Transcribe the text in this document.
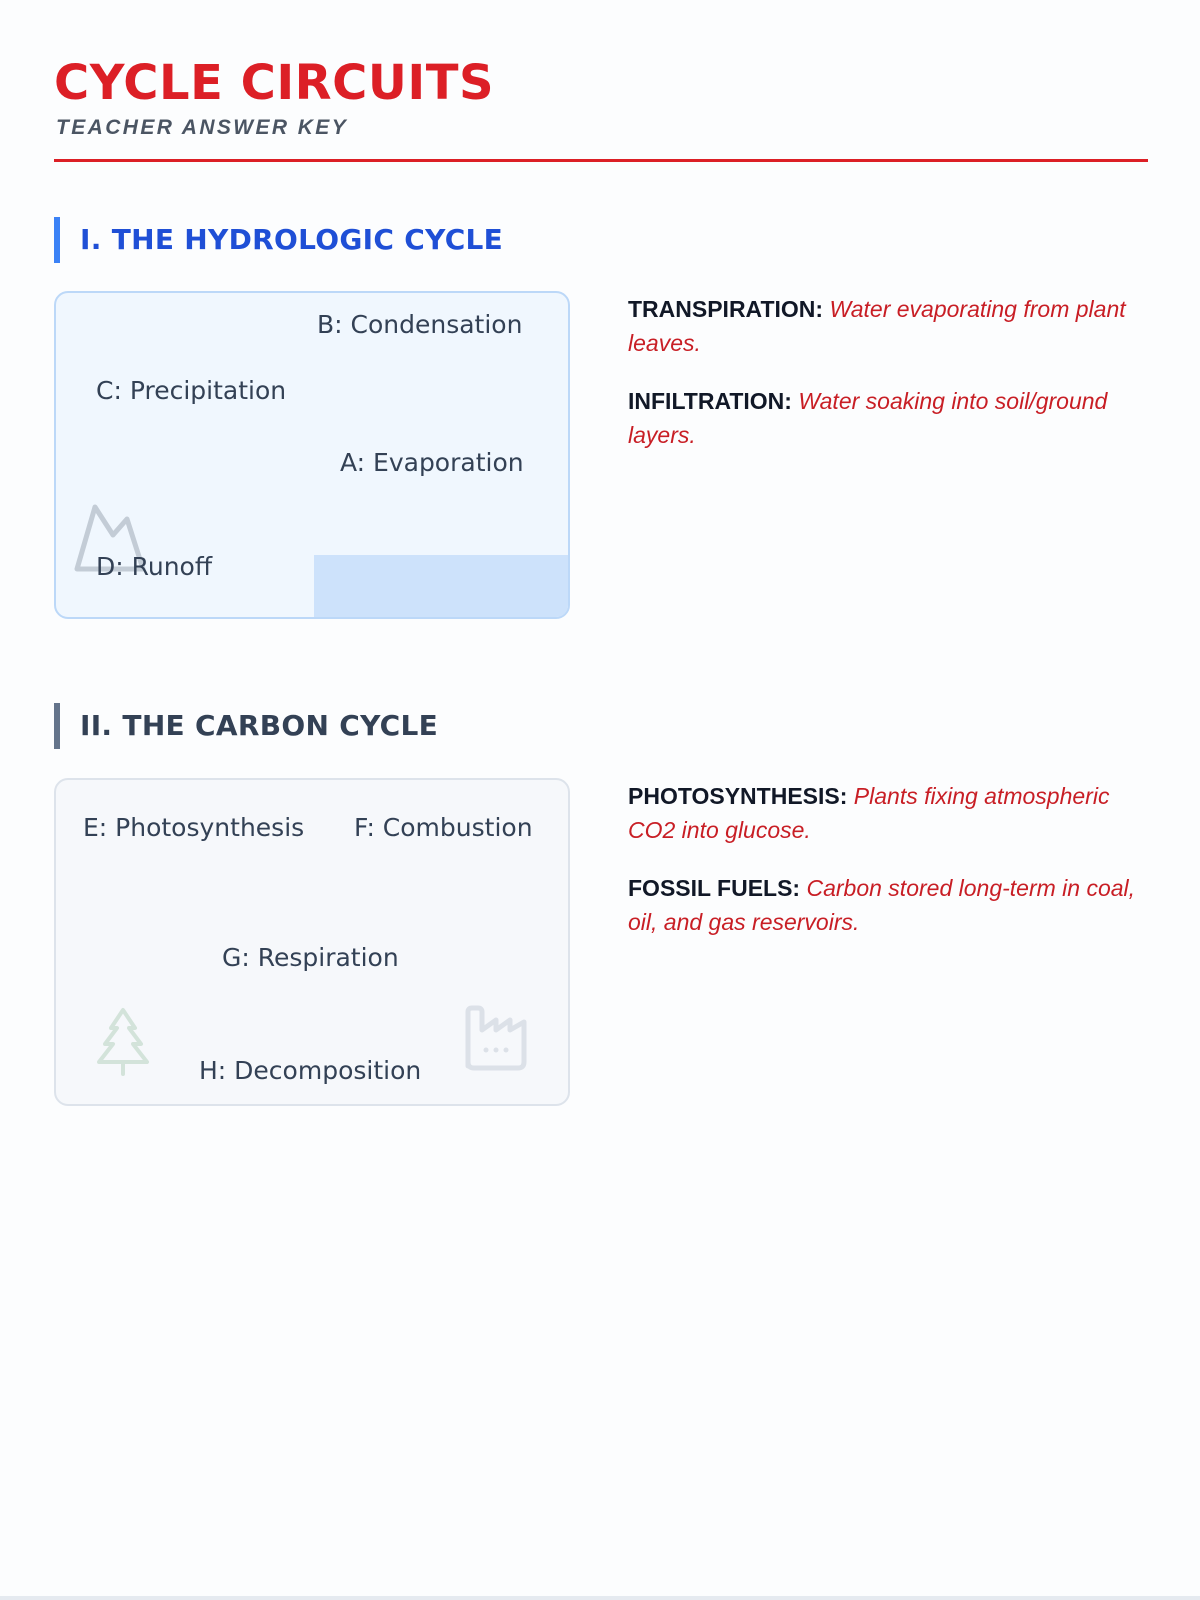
CYCLE CIRCUITS

TEACHER ANSWER KEY

I. THE HYDROLOGIC CYCLE
B: Condensation
C: Precipitation
A: Evaporation
D: Runoff

TRANSPIRATION: Water evaporating from plant leaves.

INFILTRATION: Water soaking into soil/ground layers.

II. THE CARBON CYCLE
E: Photosynthesis F: Combustion
G: Respiration
H: Decomposition

PHOTOSYNTHESIS: Plants fixing atmospheric CO2 into glucose.

FOSSIL FUELS: Carbon stored long-term in coal, oil, and gas reservoirs.
